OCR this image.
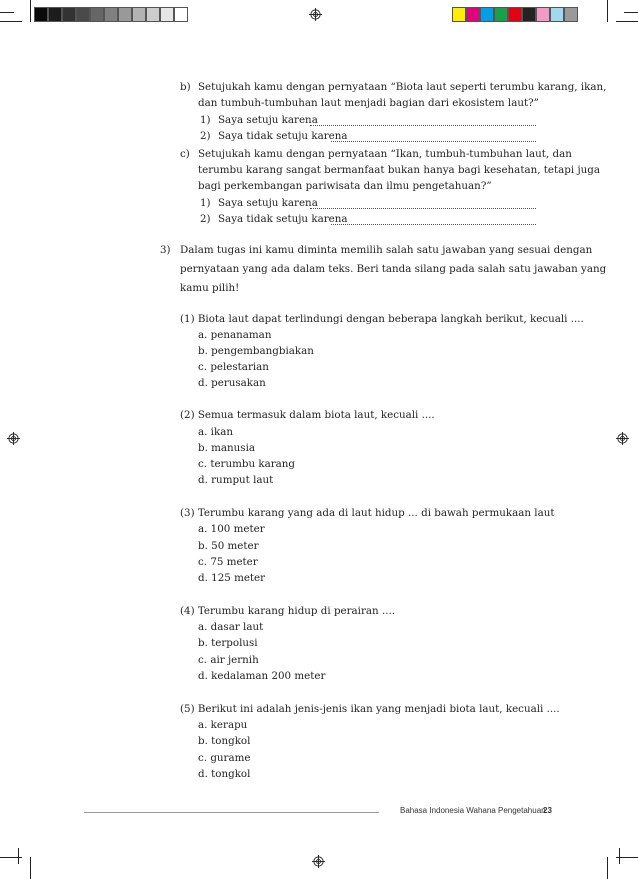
b) Setujukah kamu dengan pernyataan “Biota laut seperti terumbu karang, ikan,
dan tumbuh-tumbuhan laut menjadi bagian dari ekosistem laut?”
1) Saya setuju karena
2) Saya tidak setuju karena
c) Setujukah kamu dengan pernyataan “Ikan, tumbuh-tumbuhan laut, dan
terumbu karang sangat bermanfaat bukan hanya bagi kesehatan, tetapi juga
bagi perkembangan pariwisata dan ilmu pengetahuan?”
1) Saya setuju karena
2) Saya tidak setuju karena
3) Dalam tugas ini kamu diminta memilih salah satu jawaban yang sesuai dengan
pernyataan yang ada dalam teks. Beri tanda silang pada salah satu jawaban yang
kamu pilih!
(1) Biota laut dapat terlindungi dengan beberapa langkah berikut, kecuali ....
a. penanaman
b. pengembangbiakan
c. pelestarian
d. perusakan
(2) Semua termasuk dalam biota laut, kecuali ....
a. ikan
b. manusia
c. terumbu karang
d. rumput laut
(3) Terumbu karang yang ada di laut hidup ... di bawah permukaan laut
a. 100 meter
b. 50 meter
c. 75 meter
d. 125 meter
(4) Terumbu karang hidup di perairan ....
a. dasar laut
b. terpolusi
c. air jernih
d. kedalaman 200 meter
(5) Berikut ini adalah jenis-jenis ikan yang menjadi biota laut, kecuali ....
a. kerapu
b. tongkol
c. gurame
d. tongkol
Bahasa Indonesia Wahana Pengetahuan
23
